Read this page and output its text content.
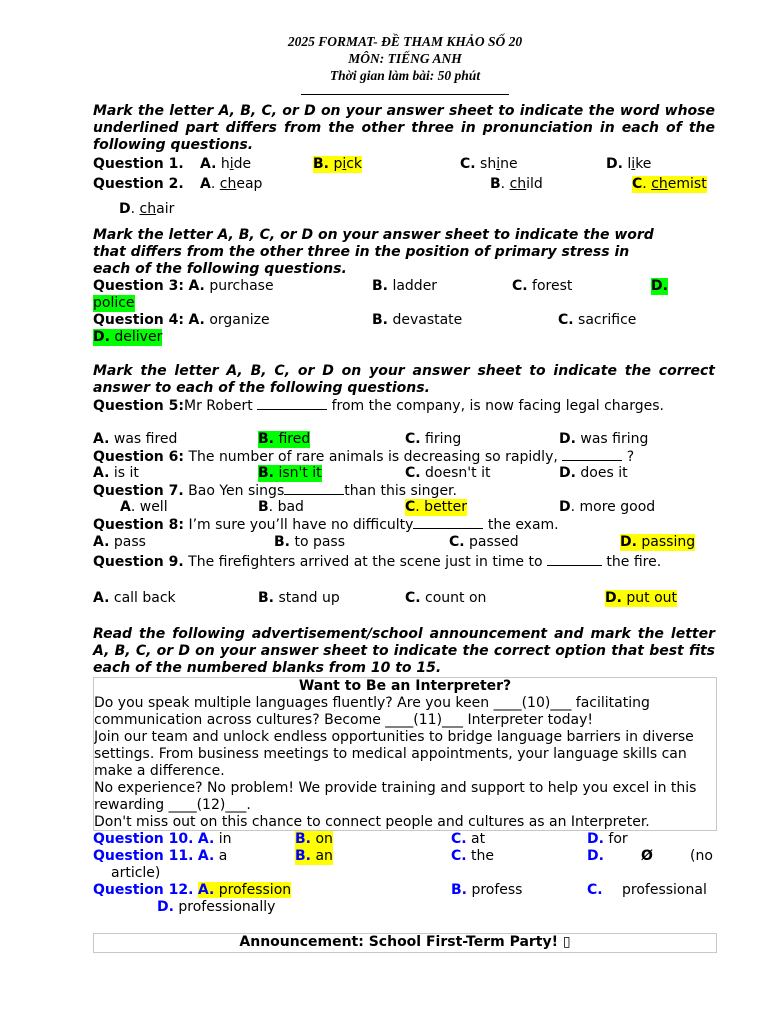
2025 FORMAT- ĐỀ THAM KHẢO SỐ 20
MÔN: TIẾNG ANH
Thời gian làm bài: 50 phút
Mark the letter A, B, C, or D on your answer sheet to indicate the word whose underlined part differs from the other three in pronunciation in each of the following questions.
Question 1. A. hide	B. pick	C. shine	D. like
Question 2. A. cheap	B. child	C. chemist
D. chair
Mark the letter A, B, C, or D on your answer sheet to indicate the word that differs from the other three in the position of primary stress in each of the following questions.
Question 3: A. purchase	B. ladder	C. forest	D.
police
Question 4: A. organize	B. devastate	C. sacrifice
D. deliver
Mark the letter A, B, C, or D on your answer sheet to indicate the correct answer to each of the following questions.
Question 5:Mr Robert	from the company, is now facing legal charges.
A. was fired	B. fired	C. firing	D. was firing
Question 6: The number of rare animals is decreasing so rapidly,	?
A. is it	B. isn't it	C. doesn't it	D. does it
Question 7. Bao Yen sings	than this singer.
A. well	B. bad	C. better	D. more good
Question 8: I’m sure you’ll have no difficulty	the exam.
A. pass	B. to pass	C. passed	D. passing
Question 9. The firefighters arrived at the scene just in time to	the fire.
A. call back	B. stand up	C. count on	D. put out
Read the following advertisement/school announcement and mark the letter A, B, C, or D on your answer sheet to indicate the correct option that best fits each of the numbered blanks from 10 to 15.
Want to Be an Interpreter?
Do you speak multiple languages fluently? Are you keen ____(10)___ facilitating communication across cultures? Become ____(11)___ Interpreter today!
Join our team and unlock endless opportunities to bridge language barriers in diverse settings. From business meetings to medical appointments, your language skills can make a difference.
No experience? No problem! We provide training and support to help you excel in this rewarding ____(12)___.
Don't miss out on this chance to connect people and cultures as an Interpreter.
Question 10. A. in	B. on	C. at	D. for
Question 11. A. a	B. an	C. the	D.	Ø	(no
article)
Question 12. A. profession	B. profess	C. professional
D. professionally
Announcement: School First-Term Party! ▯
